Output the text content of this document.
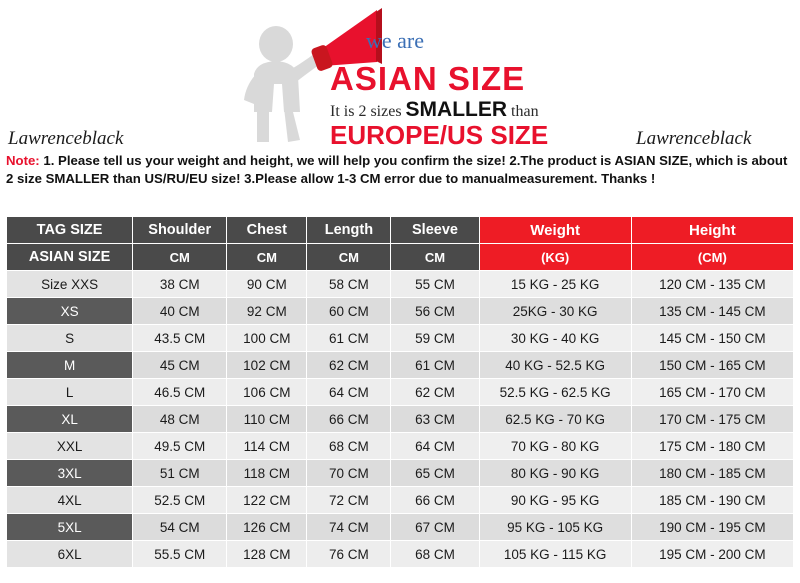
we are
ASIAN SIZE
It is 2 sizes SMALLER than
EUROPE/US SIZE
Lawrenceblack	Lawrenceblack
Note: 1. Please tell us your weight and height, we will help you confirm the size! 2.The product is ASIAN SIZE, which is about 2 size SMALLER than US/RU/EU size! 3.Please allow 1-3 CM error due to manualmeasurement. Thanks !
TAG SIZE	Shoulder	Chest	Length	Sleeve	Weight	Height
ASIAN SIZE	CM	CM	CM	CM	(KG)	(CM)
Size XXS	38 CM	90 CM	58 CM	55 CM	15 KG - 25 KG	120 CM - 135 CM
XS	40 CM	92 CM	60 CM	56 CM	25KG - 30 KG	135 CM - 145 CM
S	43.5 CM	100 CM	61 CM	59 CM	30 KG - 40 KG	145 CM - 150 CM
M	45 CM	102 CM	62 CM	61 CM	40 KG - 52.5 KG	150 CM - 165 CM
L	46.5 CM	106 CM	64 CM	62 CM	52.5 KG - 62.5 KG	165 CM - 170 CM
XL	48 CM	110 CM	66 CM	63 CM	62.5 KG - 70 KG	170 CM - 175 CM
XXL	49.5 CM	114 CM	68 CM	64 CM	70 KG - 80 KG	175 CM - 180 CM
3XL	51 CM	118 CM	70 CM	65 CM	80 KG - 90 KG	180 CM - 185 CM
4XL	52.5 CM	122 CM	72 CM	66 CM	90 KG - 95 KG	185 CM - 190 CM
5XL	54 CM	126 CM	74 CM	67 CM	95 KG - 105 KG	190 CM - 195 CM
6XL	55.5 CM	128 CM	76 CM	68 CM	105 KG - 115 KG	195 CM - 200 CM
